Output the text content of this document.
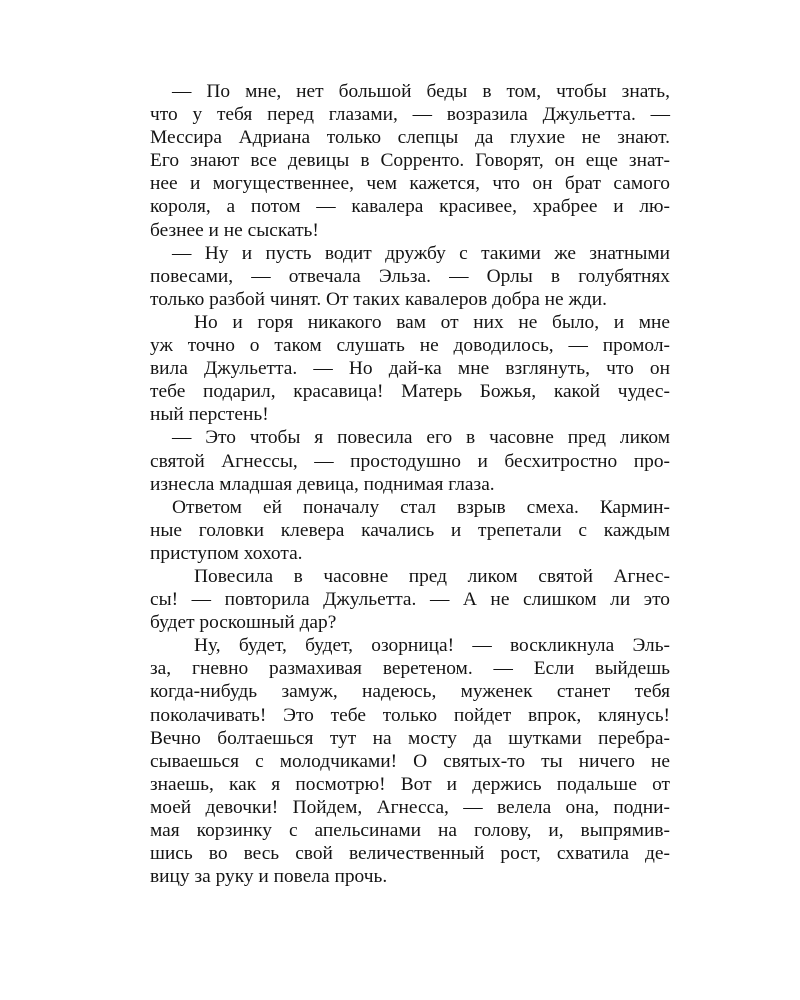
— По мне, нет большой беды в том, чтобы знать,
что у тебя перед глазами, — возразила Джульетта. —
Мессира Адриана только слепцы да глухие не знают.
Его знают все девицы в Сорренто. Говорят, он еще знат-
нее и могущественнее, чем кажется, что он брат самого
короля, а потом — кавалера красивее, храбрее и лю-
безнее и не сыскать!
— Ну и пусть водит дружбу с такими же знатными
повесами, — отвечала Эльза. — Орлы в голубятнях
только разбой чинят. От таких кавалеров добра не жди.
Но и горя никакого вам от них не было, и мне
уж точно о таком слушать не доводилось, — промол-
вила Джульетта. — Но дай-ка мне взглянуть, что он
тебе подарил, красавица! Матерь Божья, какой чудес-
ный перстень!
— Это чтобы я повесила его в часовне пред ликом
святой Агнессы, — простодушно и бесхитростно про-
изнесла младшая девица, поднимая глаза.
Ответом ей поначалу стал взрыв смеха. Кармин-
ные головки клевера качались и трепетали с каждым
приступом хохота.
Повесила в часовне пред ликом святой Агнес-
сы! — повторила Джульетта. — А не слишком ли это
будет роскошный дар?
Ну, будет, будет, озорница! — воскликнула Эль-
за, гневно размахивая веретеном. — Если выйдешь
когда-нибудь замуж, надеюсь, муженек станет тебя
поколачивать! Это тебе только пойдет впрок, клянусь!
Вечно болтаешься тут на мосту да шутками перебра-
сываешься с молодчиками! О святых-то ты ничего не
знаешь, как я посмотрю! Вот и держись подальше от
моей девочки! Пойдем, Агнесса, — велела она, подни-
мая корзинку с апельсинами на голову, и, выпрямив-
шись во весь свой величественный рост, схватила де-
вицу за руку и повела прочь.
